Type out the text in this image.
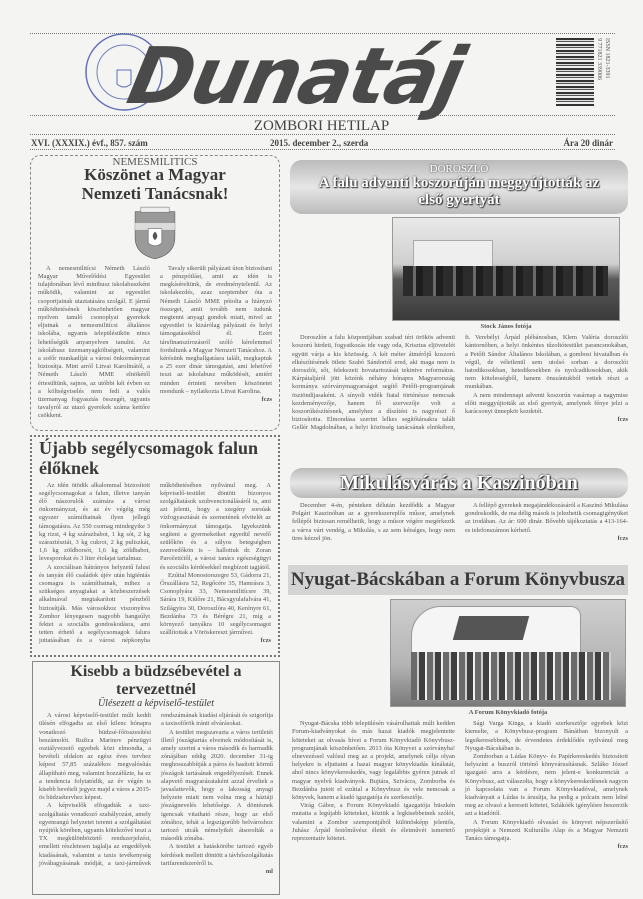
Dunatáj	9 771821 339006 ISSN 1821-3391
ZOMBORI HETILAP
XVI. (XXXIX.) évf., 857. szám	2015. december 2., szerda	Ára 20 dinár
NEMESMILITICS
Köszönet a Magyar Nemzeti Tanácsnak!

A nemesmilitícsi Németh László Magyar Művelődési Egyesület tulajdonában lévő minibusz iskolabuszként működik, valamint az egyesület csoportjainak utaztatására szolgál. E jármű működtetésének köszönhetően magyar nyelven tanuló csonoplyai gyerekek eljutnak a nemesmilitícsi általános iskolába, ugyanis településükön nincs lehetőségük anyanyelven tanulni. Az iskolabusz üzemanyagköltségeit, valamint a sofőr munkadíját a városi önkormányzat biztosítja. Mint arról Litvai Karolinától, a Németh László MME elnökétől értesültünk, sajnos, az utóbbi két évben ez a költségviselés nem fedi a valós üzemanyag fogyasztás összegét, ugyanis tavalyról az utazó gyerekek száma kettőre csökkent.

Tavaly sikerült pályázati úton biztosítani a pénzpótlást, amit az idén is megkíséreltünk, de eredménytelenül. Az iskolakezdés, azaz szeptember óta a Németh László MME pótolta a hiányzó összeget, amit tovább nem tudunk megtenni anyagi gondok miatt, mivel az egyesület is kizárólag pályázati és helyi támogatásokból él. Ezért társfinanszírozásról szóló kérelemmel fordultunk a Magyar Nemzeti Tanácshoz. A kérésünk meghallgatásra talált, megkaptuk a 25 ezer dinár támogatást, ami lehetővé teszi az iskolabusz működését, amiért minden érintett nevében köszönetet mondunk – nyilatkozta Litvai Karolina.

fczs
Újabb segélycsomagok falun élőknek

Az idén ötödik alkalommal biztosított segélycsomagokat a falun, illetve tanyán élő nászorulók számára a városi önkormányzat, és az év végéig még egyszer számíthatnak ilyen jellegű támogatásra. Az 550 csomag mindegyike 3 kg rizst, 4 kg szárazbabot, 1 kg sót, 2 kg száraztésztát, 3 kg cukrot, 2 kg puliszkát, 1,6 kg zöldborsót, 1,6 kg zöldbabot, levesporokat és 3 liter étolajat tartalmaz.

A szociálisan hátrányos helyzetű falusi és tanyán élő családok újév után higiéniás csomagra is számíthatnak, mihez a szükséges anyagiakat a közbeszerzések alkalmával megtakarított pénzből biztosítják. Más városokhoz viszonyítva Zombor lényegesen nagyobb hangsúlyt fektet a szociális gondoskodásra, ami tetten érhető a segélycsomagok falura juttatásában és a városi népkonyha működtetésében nyilvánul meg. A képviselő-testület döntött bizonyos szolgáltatások szubvencionálásáról is, ami azt jelenti, hogy a szegény sorsúak vízfogyasztását és szemetének elvitelét az önkormányzat támogatja. Igyekszünk segíteni a gyermekeiket egyedül nevelő szülőkön és a súlyos betegségben szenvedőkön is – hallottuk dr. Zoran Paročetićtől, a városi tanács egészségügyi és szociális kérdésekkel megbízott tagjától.

Ezúttal Monostorszegre 53, Gádorra 21, Őrszállásra 52, Regőcére 35, Hamrásra 3, Csonoplyára 33, Nemesmilitícsre 39, Sárára 19, Kiűőre 21, Bácsgyulafalvára 41, Szilágyira 30, Doroszlóra 40, Kerényre 61, Bezdánba 73 és Bérégre 21, míg a környező tanyákra 10 segélycsomagot szállítottak a Vöröskereszt járművei.

fczs
Kisebb a büdzsébevétel a tervezettnél
Ülésezett a képviselő-testület

A városi képviselő-testület múlt keddi ülésén elfogadta az első kilenc hónapra vonatkozó büdzsé-főösszesítési beszámolót. Ružica Marinov pénzügyi osztályvezető egyebek közt elmondta, a bevételi oldalon az egész éves tervhez képest 57,85 százalékos megvalósítás állapítható meg, valamint hozzáfűzte, ha ez a tendencia folytatódik, az év végén is kisebb bevételi jegyez majd a város a 2015-ös büdzsétervhez képest.

A képviselők elfogadták a taxi-szolgáltatás vonatkozó szabályozást, amely egyenrangú helyzetet teremt a szolgáltatást nyújtók körében, ugyanis kötelezővé teszi a TX megkülönböztető rendszerjelzést, emellett részletesen taglalja az engedélyek kiadásának, valamint a taxis tevékenység jóváhagyásának módját, a taxi-járművek rendszámának kiadási eljárását és szigorítja a taxisofőrök iránti elvárásokat.

A testület megszavazta a város területét illető jószágtartás elveinek módosítását is, amely szerint a város második és harmadik zónájában eddig 2020. december 31-ig meghosszabbítják a páros és hasított körmű jószágok tartásának engedélyezését. Ennek alapvető magyarázataként azzal érveltek a javaslattevők, hogy a lakosság anyagi helyzete miatt nem volna meg a háztáji jószágnevelés lehetősége. A döntésnek igencsak vitatható része, hogy az első zónához, tehát a legszigorúbb belvároshoz tartozó utcák némelyikét átsorolták a második zónába.

A testület a hatáskörébe tartozó egyéb kérdések mellett döntött a távhőszolgáltatás tarifarendszeréről is.

ml
DOROSZLÓ
A falu adventi koszorúján meggyújtották az első gyertyát
Stock János fotója

Doroszlón a falu központjában szabad téri örökös adventi koszorú hirdeti, fogyatkozás ide vagy oda, Krisztus eljövetelét együtt várja a kis közösség. A két méter átmérőjű koszorú elkészítésének ötlete Szabó Sándortól ered, aki maga nem is doroszlói, sőt, felekezeti hovatartozását tekintve református. Kárpátaljáról jött közénk néhány hónapra Magyarország kormánya szórványmagyarságot segítő Petőfi-programjának ösztöndíjasaként. A sínyoli vidék fiatal történésze nemcsak kezdeményezője, hanem fő szervezője volt a koszorúkészítésnek, amelyhez a díszítést is nagyrészt ő biztosította. Elmondása szerint lelkes segítőtársakra talált Gellér Magdolnában, a helyi közösség tanácsának elnökében, ft. Verebélyi Árpád plébánosban, Klem Valéria doroszlói kántornőben, a helyi önkéntes tűzoltótestület parancsnokában, a Petőfi Sándor Általános Iskolában, a gombosi hivatalban és végül, de véletlenül sem utolsó sorban a doroszlói hatodikosokban, hetedikesekben és nyolcadikosokban, akik nem kötelességből, hanem önszántukból vettek részt a munkában.

A nem mindennapi adventi koszorún vasárnap a nagymise előtt meggyújtották az első gyertyát, amelynek fénye jelzi a karácsonyi ünnepkör kezdetét.

fczs
Mikulásvárás a Kaszinóban

December 4-én, pénteken délután kezdődik a Magyar Polgári Kaszinóban az a gyerekszereplős műsor, amelynek fellépői biztosan remélhetik, hogy a műsor végére megérkezik a várva várt vendég, a Mikulás, s az sem kétséges, hogy nem üres kézzel jön.

A fellépő gyerekek megajándékozásáról a Kaszinó Mikulása gondoskodik, de ma délig mások is jelezhetik csomagigényüket az irodában. Az ár: 600 dinár. Bővebb tájékoztatás a 413-164-es telefonszámon kérhető.

fczs
Nyugat-Bácskában a Forum Könyvbusza
A Forum Könyvkiadó fotója

Nyugat-Bácska több településén vásárolhattak múlt kedden Forum-kiadványokat és más hazai kiadók megjelentette köteteket az olvasás hívei a Forum Könyvkiadó Könyvbusz-programjának köszönhetően. 2013 óta Könyvet a szórványba! elnevezéssel valósul meg az a projekt, amelynek célja olyan helyekre is eljuttatni a hazai magyar könyvkiadás kínálatát, ahol nincs könyvkereskedés, vagy legalábbis gyéren jutnak el magyar nyelvű kiadványok. Bujtára, Szivácra, Zomborba és Bezdánba jutott el ezúttal a Könyvbusz és vele nemcsak a könyvek, hanem a kiadó igazgatója és szerkesztője.

Virág Gábor, a Forum Könyvkiadó igazgatója büszkén mutatta a legújabb köteteket, köztük a legkisebbeinek szólót, valamint a Zombor szempontjából különösképp jelentős, Juhász Árpád festőművész életét és életművét ismertető reprezentatív kötetet.

Sági Varga Kinga, a kiadó szerkesztője egyebek közt kiemelte, a Könyvbusz-program Bánátban bizonyult a legsikeresebbnek, de érvendetes érdeklődés nyilvánul meg Nyugat-Bácskában is.

Zomborban a Lúdas Könyv- és Papírkereskedés biztosított helyszínt a buszról történő könyvárusításnak. Szláko József igazgató arra a kérdésre, nem jelent-e konkurenciát a Könyvbusz, azt válaszolta, hogy a könyvkereskedésnek nagyon jó kapcsolata van a Forum Könyvkiadóval, amelynek kiadványait a Lúdas is árusítja, ha pedig a polcain nem lelné meg az olvasó a keresett kötetet, Szlákóék igénylésre beszerzik azt a kiadótól.

A Forum Könyvkiadó olvasást és könyvet népszerűsítő projektjét a Nemzeti Kulturális Alap és a Magyar Nemzeti Tanács támogatja.

fczs
